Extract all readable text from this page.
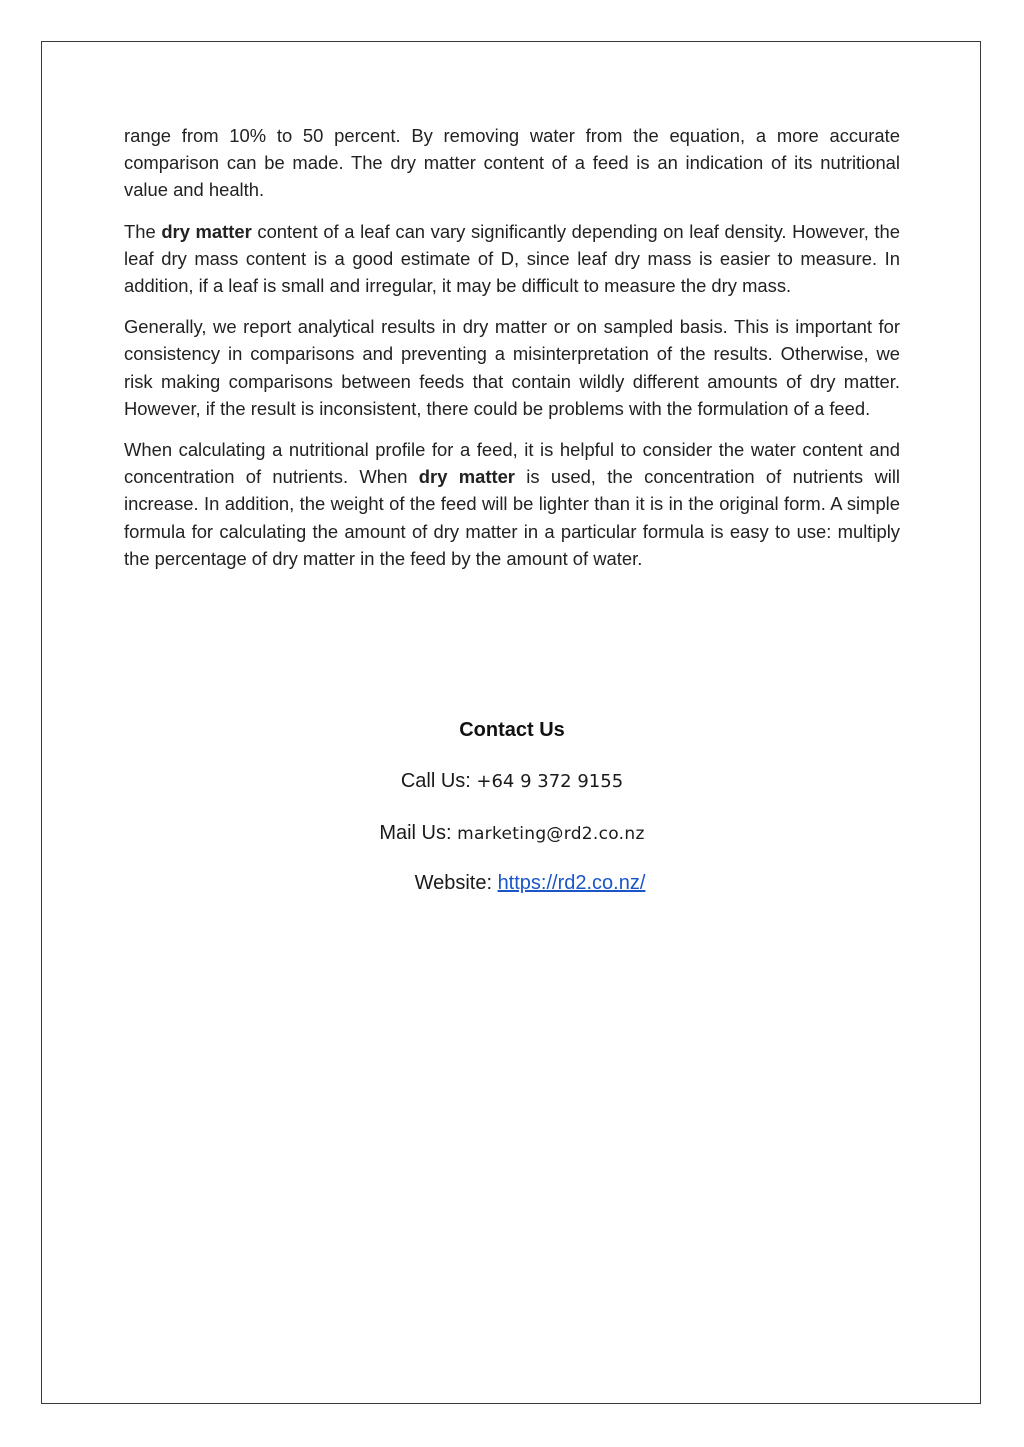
range from 10% to 50 percent. By removing water from the equation, a more accurate comparison can be made. The dry matter content of a feed is an indication of its nutritional value and health.

The dry matter content of a leaf can vary significantly depending on leaf density. However, the leaf dry mass content is a good estimate of D, since leaf dry mass is easier to measure. In addition, if a leaf is small and irregular, it may be difficult to measure the dry mass.

Generally, we report analytical results in dry matter or on sampled basis. This is important for consistency in comparisons and preventing a misinterpretation of the results. Otherwise, we risk making comparisons between feeds that contain wildly different amounts of dry matter. However, if the result is inconsistent, there could be problems with the formulation of a feed.

When calculating a nutritional profile for a feed, it is helpful to consider the water content and concentration of nutrients. When dry matter is used, the concentration of nutrients will increase. In addition, the weight of the feed will be lighter than it is in the original form. A simple formula for calculating the amount of dry matter in a particular formula is easy to use: multiply the percentage of dry matter in the feed by the amount of water.

Contact Us
Call Us: +64 9 372 9155
Mail Us: marketing@rd2.co.nz
Website: https://rd2.co.nz/
